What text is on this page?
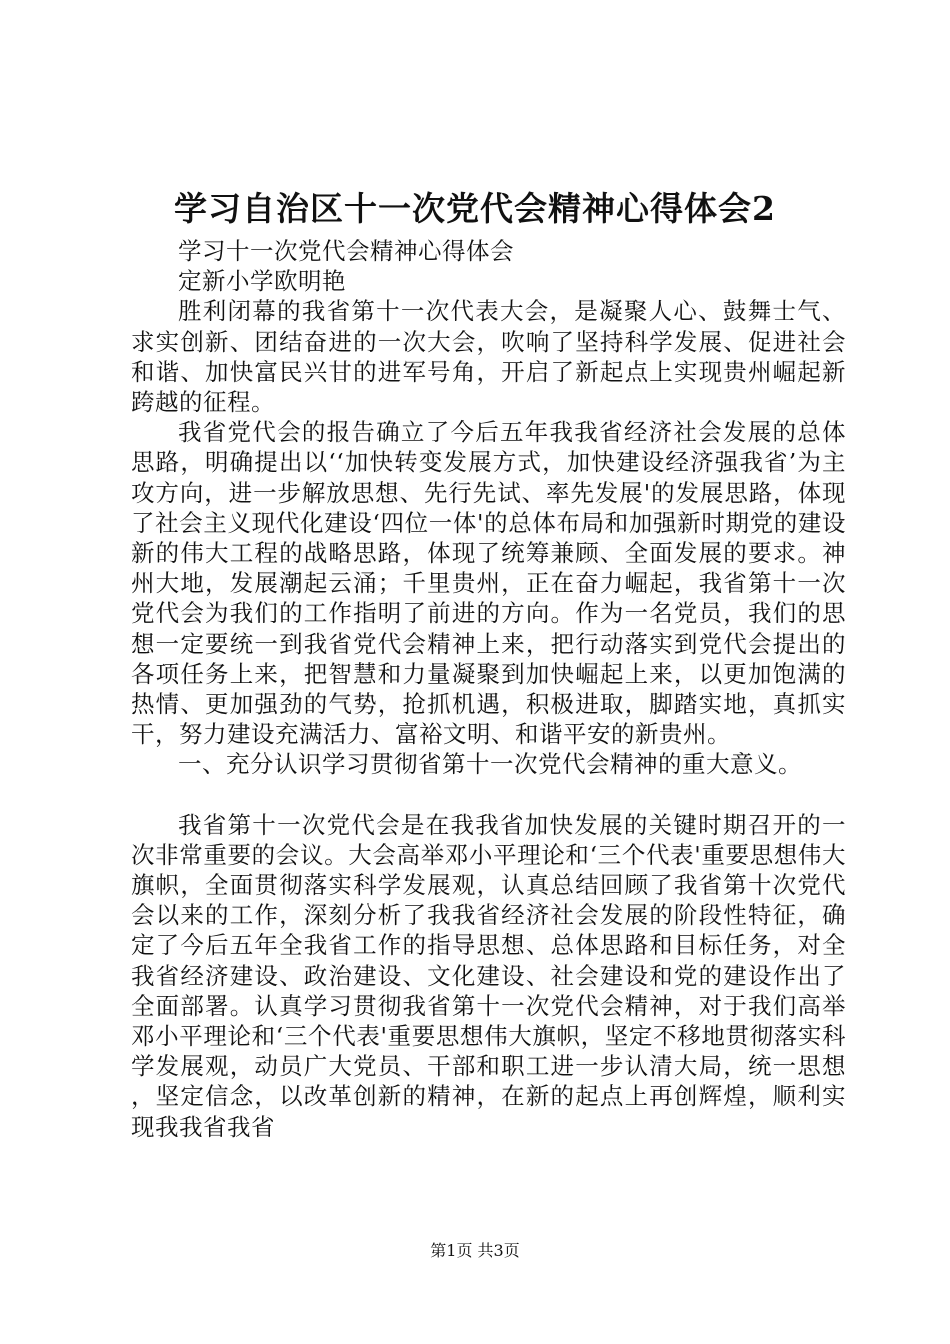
学习自治区十一次党代会精神心得体会2

学习十一次党代会精神心得体会

定新小学欧明艳

胜利闭幕的我省第十一次代表大会，是凝聚人心、鼓舞士气、求实创新、团结奋进的一次大会，吹响了坚持科学发展、促进社会和谐、加快富民兴甘的进军号角，开启了新起点上实现贵州崛起新跨越的征程。

我省党代会的报告确立了今后五年我我省经济社会发展的总体思路，明确提出以‘‘加快转变发展方式，加快建设经济强我省’为主攻方向，进一步解放思想、先行先试、率先发展'的发展思路，体现了社会主义现代化建设‘四位一体'的总体布局和加强新时期党的建设新的伟大工程的战略思路，体现了统筹兼顾、全面发展的要求。神州大地，发展潮起云涌；千里贵州，正在奋力崛起，我省第十一次党代会为我们的工作指明了前进的方向。作为一名党员，我们的思想一定要统一到我省党代会精神上来，把行动落实到党代会提出的各项任务上来，把智慧和力量凝聚到加快崛起上来，以更加饱满的热情、更加强劲的气势，抢抓机遇，积极进取，脚踏实地，真抓实干，努力建设充满活力、富裕文明、和谐平安的新贵州。

一、充分认识学习贯彻省第十一次党代会精神的重大意义。

我省第十一次党代会是在我我省加快发展的关键时期召开的一次非常重要的会议。大会高举邓小平理论和‘三个代表'重要思想伟大旗帜，全面贯彻落实科学发展观，认真总结回顾了我省第十次党代会以来的工作，深刻分析了我我省经济社会发展的阶段性特征，确定了今后五年全我省工作的指导思想、总体思路和目标任务，对全我省经济建设、政治建设、文化建设、社会建设和党的建设作出了全面部署。认真学习贯彻我省第十一次党代会精神，对于我们高举邓小平理论和‘三个代表'重要思想伟大旗帜，坚定不移地贯彻落实科学发展观，动员广大党员、干部和职工进一步认清大局，统一思想，坚定信念，以改革创新的精神，在新的起点上再创辉煌，顺利实现我我省我省

第1页 共3页
